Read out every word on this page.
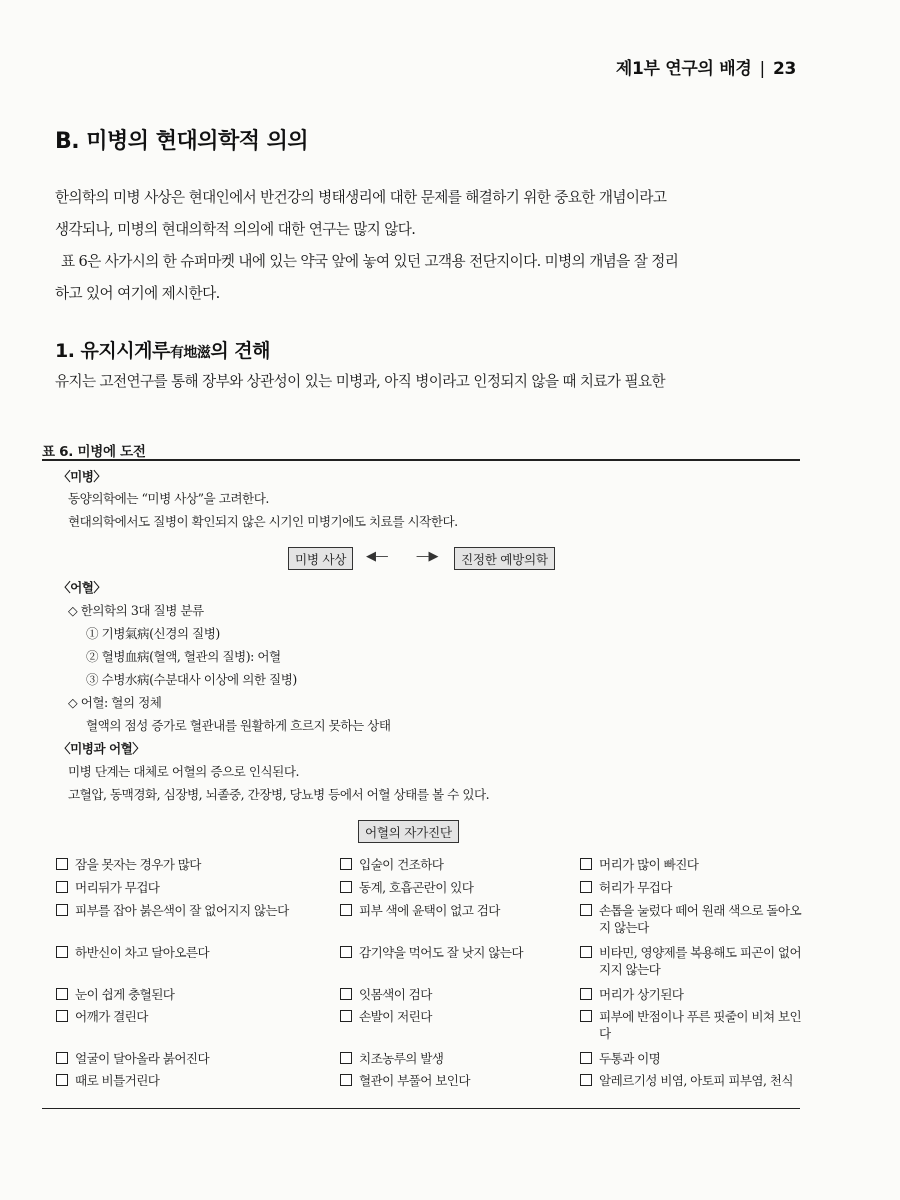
제1부 연구의 배경 | 23
B. 미병의 현대의학적 의의

한의학의 미병 사상은 현대인에서 반건강의 병태생리에 대한 문제를 해결하기 위한 중요한 개념이라고

생각되나, 미병의 현대의학적 의의에 대한 연구는 많지 않다.

표 6은 사가시의 한 슈퍼마켓 내에 있는 약국 앞에 놓여 있던 고객용 전단지이다. 미병의 개념을 잘 정리

하고 있어 여기에 제시한다.

1. 유지시게루有地滋의 견해

유지는 고전연구를 통해 장부와 상관성이 있는 미병과, 아직 병이라고 인정되지 않을 때 치료가 필요한

표 6. 미병에 도전
〈미병〉
동양의학에는 “미병 사상”을 고려한다.
현대의학에서도 질병이 확인되지 않은 시기인 미병기에도 치료를 시작한다.
미병 사상	◀— —▶	진정한 예방의학
〈어혈〉
◇ 한의학의 3대 질병 분류
① 기병氣病(신경의 질병)
② 혈병血病(혈액, 혈관의 질병): 어혈
③ 수병水病(수분대사 이상에 의한 질병)
◇ 어혈: 혈의 정체
혈액의 점성 증가로 혈관내를 원활하게 흐르지 못하는 상태
〈미병과 어혈〉
미병 단계는 대체로 어혈의 증으로 인식된다.
고혈압, 동맥경화, 심장병, 뇌졸중, 간장병, 당뇨병 등에서 어혈 상태를 볼 수 있다.
어혈의 자가진단
잠을 못자는 경우가 많다
머리뒤가 무겁다
피부를 잡아 붉은색이 잘 없어지지 않는다
하반신이 차고 달아오른다
눈이 쉽게 충혈된다
어깨가 결린다
얼굴이 달아올라 붉어진다
때로 비틀거린다
입술이 건조하다
동계, 호흡곤란이 있다
피부 색에 윤택이 없고 검다
감기약을 먹어도 잘 낫지 않는다
잇몸색이 검다
손발이 저린다
치조농루의 발생
혈관이 부풀어 보인다
머리가 많이 빠진다
허리가 무겁다
손톱을 눌렀다 떼어 원래 색으로 돌아오지 않는다
비타민, 영양제를 복용해도 피곤이 없어지지 않는다
머리가 상기된다
피부에 반점이나 푸른 핏줄이 비쳐 보인다
두통과 이명
알레르기성 비염, 아토피 피부염, 천식
